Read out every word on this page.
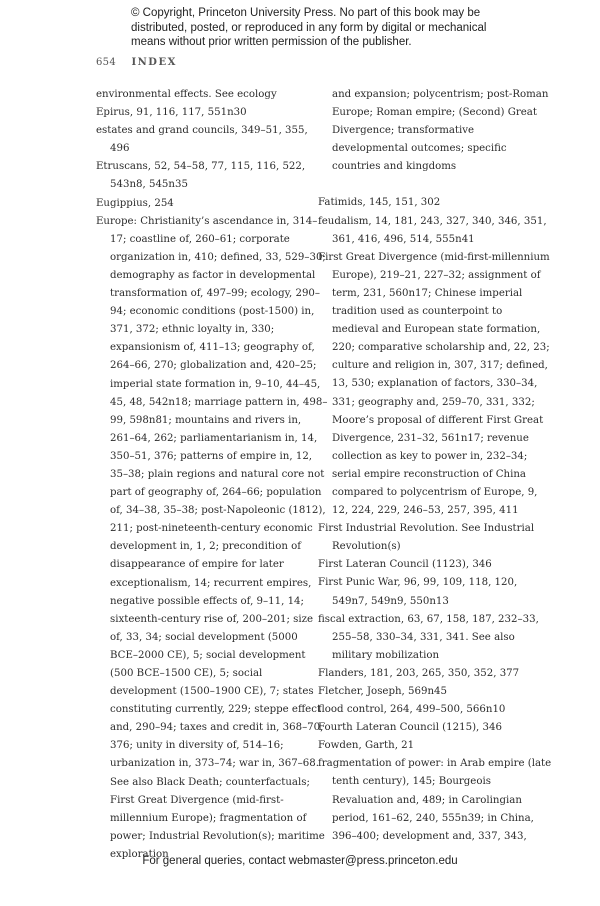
© Copyright, Princeton University Press. No part of this book may be
distributed, posted, or reproduced in any form by digital or mechanical
means without prior written permission of the publisher.
654 INDEX

environmental effects. See ecology

Epirus, 91, 116, 117, 551n30

estates and grand councils, 349–51, 355, 496

Etruscans, 52, 54–58, 77, 115, 116, 522, 543n8, 545n35

Eugippius, 254

Europe: Christianity’s ascendance in, 314–17; coastline of, 260–61; corporate organization in, 410; defined, 33, 529–30; demography as factor in developmental transformation of, 497–99; ecology, 290–94; economic conditions (post-1500) in, 371, 372; ethnic loyalty in, 330; expansionism of, 411–13; geography of, 264–66, 270; globalization and, 420–25; imperial state formation in, 9–10, 44–45, 45, 48, 542n18; marriage pattern in, 498–99, 598n81; mountains and rivers in, 261–64, 262; parliamentarianism in, 14, 350–51, 376; patterns of empire in, 12, 35–38; plain regions and natural core not part of geography of, 264–66; population of, 34–38, 35–38; post-Napoleonic (1812), 211; post-nineteenth-century economic development in, 1, 2; precondition of disappearance of empire for later exceptionalism, 14; recurrent empires, negative possible effects of, 9–11, 14; sixteenth-century rise of, 200–201; size of, 33, 34; social development (5000 BCE–2000 CE), 5; social development (500 BCE–1500 CE), 5; social development (1500–1900 CE), 7; states constituting currently, 229; steppe effect and, 290–94; taxes and credit in, 368–70, 376; unity in diversity of, 514–16; urbanization in, 373–74; war in, 367–68. See also Black Death; counterfactuals; First Great Divergence (mid-first-millennium Europe); fragmentation of power; Industrial Revolution(s); maritime exploration

and expansion; polycentrism; post-Roman Europe; Roman empire; (Second) Great Divergence; transformative developmental outcomes; specific countries and kingdoms

Fatimids, 145, 151, 302

feudalism, 14, 181, 243, 327, 340, 346, 351, 361, 416, 496, 514, 555n41

First Great Divergence (mid-first-millennium Europe), 219–21, 227–32; assignment of term, 231, 560n17; Chinese imperial tradition used as counterpoint to medieval and European state formation, 220; comparative scholarship and, 22, 23; culture and religion in, 307, 317; defined, 13, 530; explanation of factors, 330–34, 331; geography and, 259–70, 331, 332; Moore’s proposal of different First Great Divergence, 231–32, 561n17; revenue collection as key to power in, 232–34; serial empire reconstruction of China compared to polycentrism of Europe, 9, 12, 224, 229, 246–53, 257, 395, 411

First Industrial Revolution. See Industrial Revolution(s)

First Lateran Council (1123), 346

First Punic War, 96, 99, 109, 118, 120, 549n7, 549n9, 550n13

fiscal extraction, 63, 67, 158, 187, 232–33, 255–58, 330–34, 331, 341. See also military mobilization

Flanders, 181, 203, 265, 350, 352, 377

Fletcher, Joseph, 569n45

flood control, 264, 499–500, 566n10

Fourth Lateran Council (1215), 346

Fowden, Garth, 21

fragmentation of power: in Arab empire (late tenth century), 145; Bourgeois Revaluation and, 489; in Carolingian period, 161–62, 240, 555n39; in China, 396–400; development and, 337, 343,

For general queries, contact webmaster@press.princeton.edu
